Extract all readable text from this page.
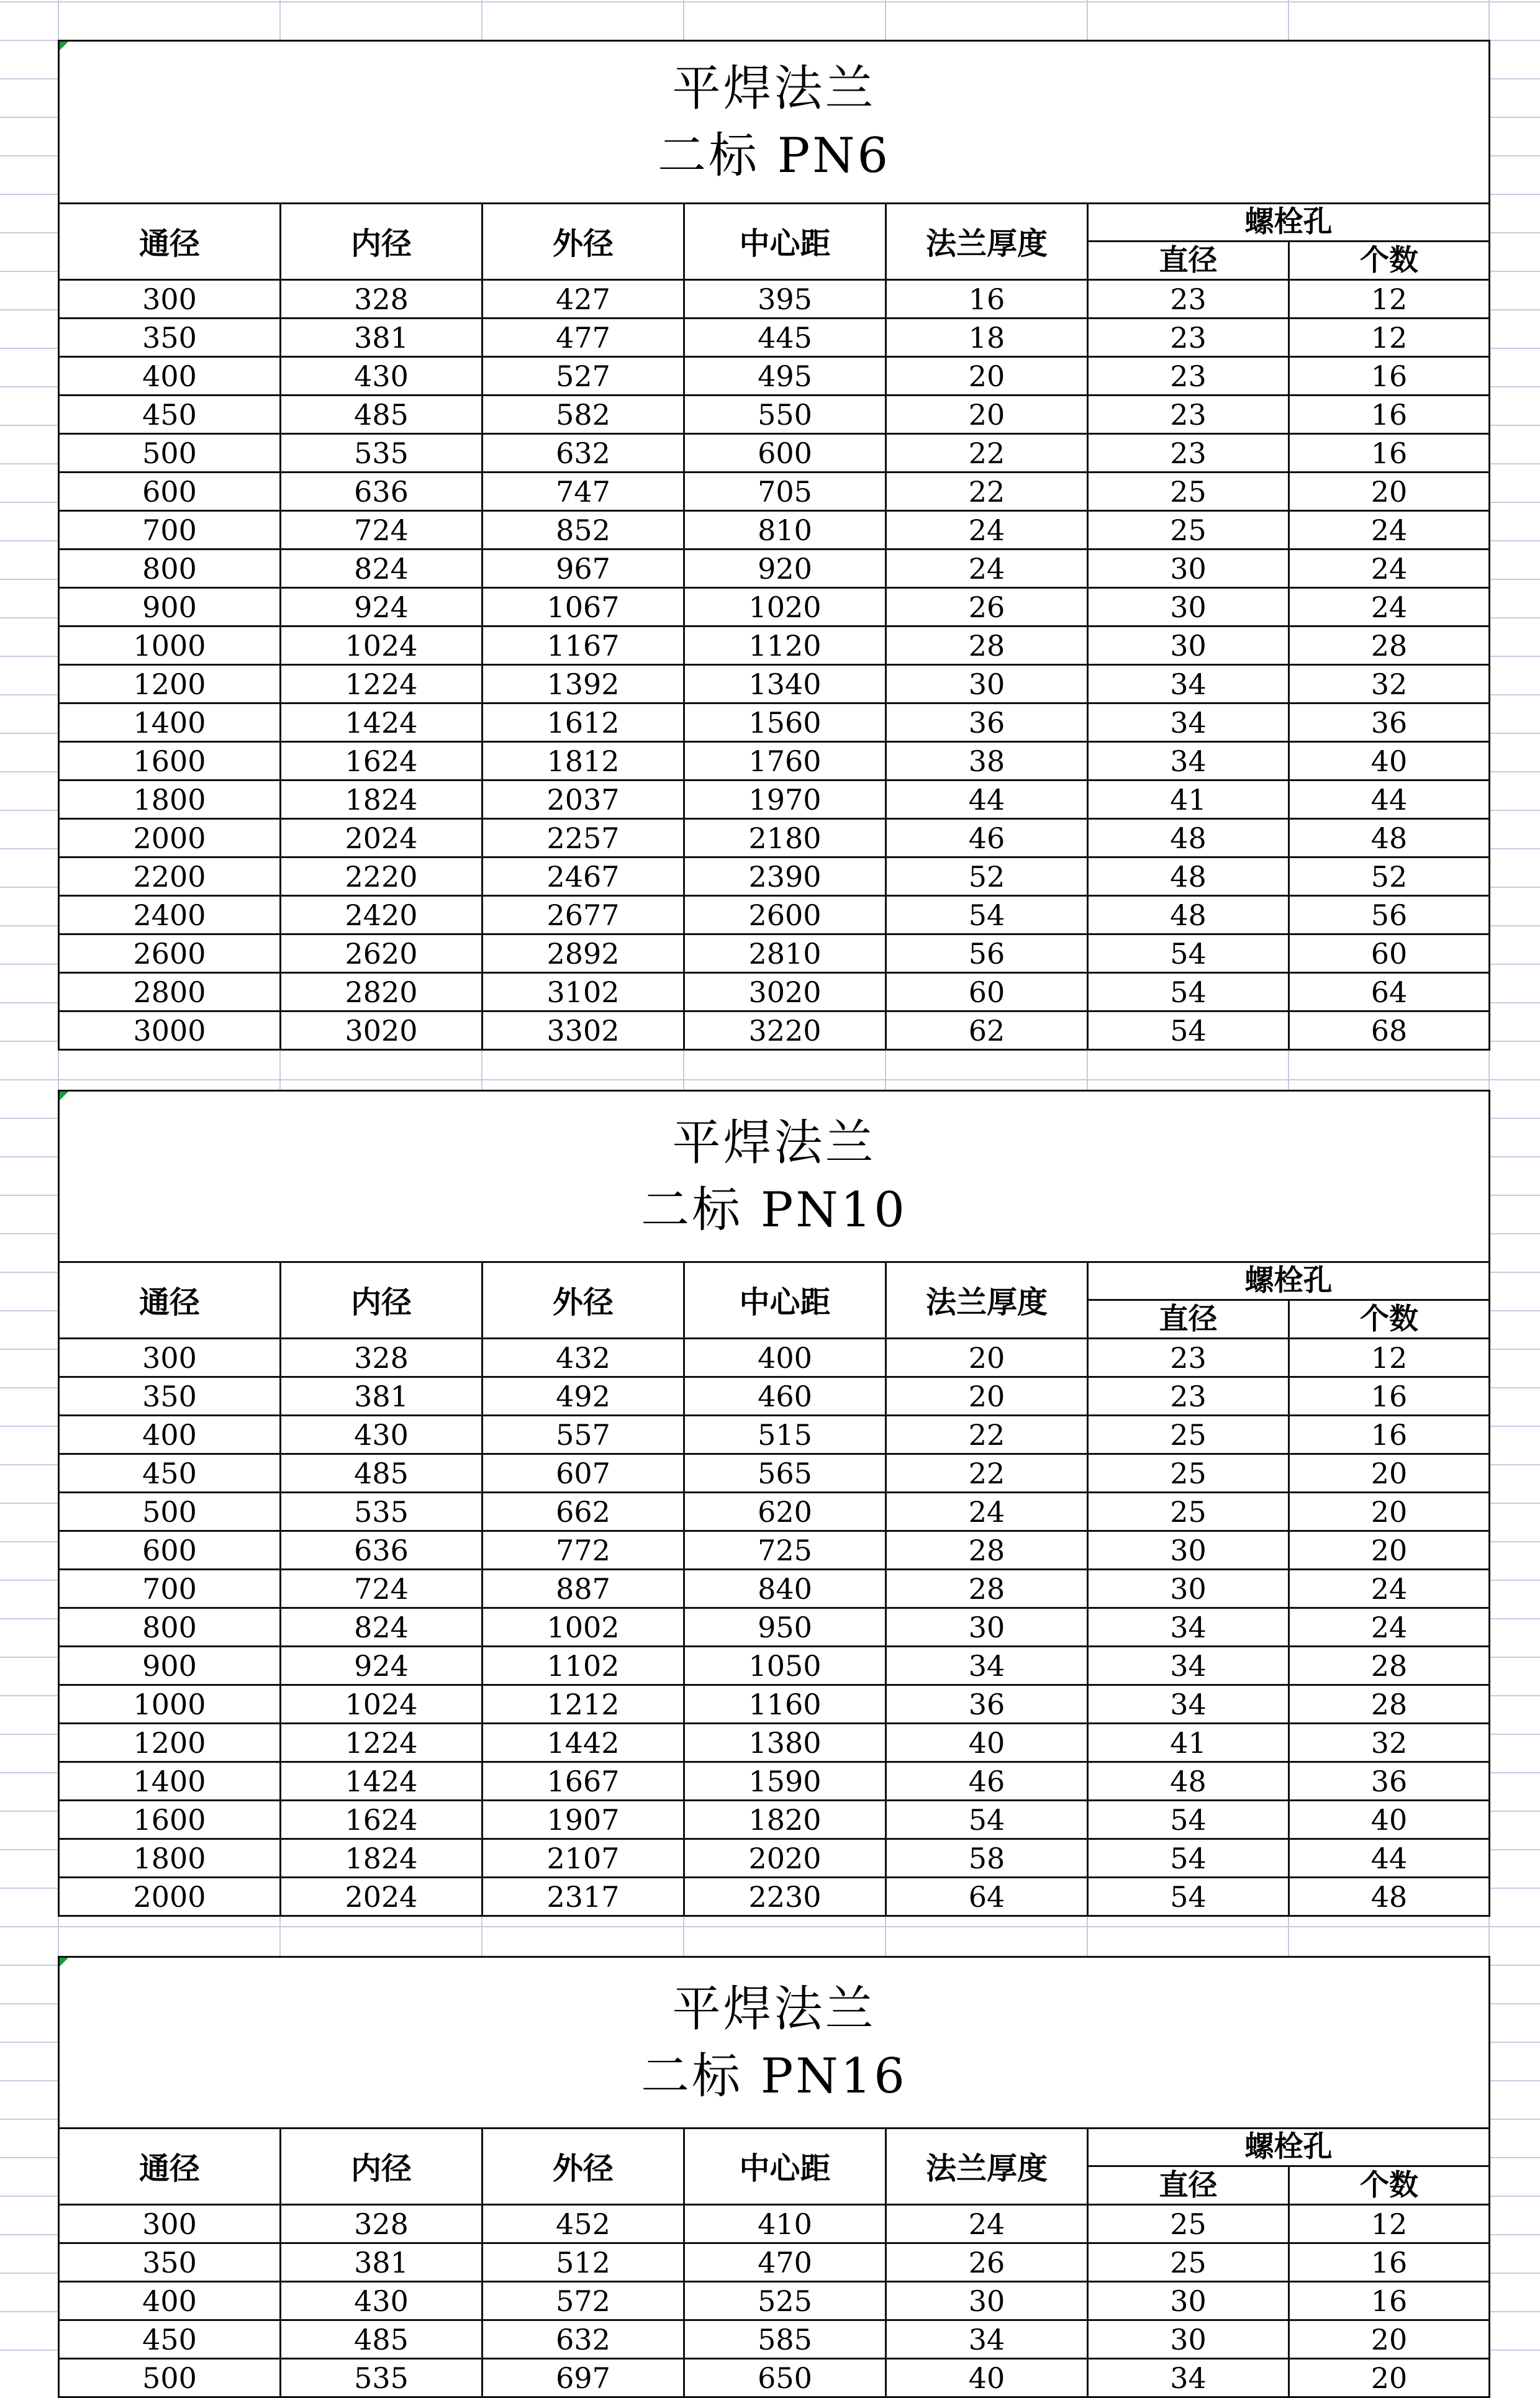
平焊法兰
二标 PN6						

通径	内径	外径	中心距	法兰厚度	螺栓孔	
					直径	个数
300	328	427	395	16	23	12
350	381	477	445	18	23	12
400	430	527	495	20	23	16
450	485	582	550	20	23	16
500	535	632	600	22	23	16
600	636	747	705	22	25	20
700	724	852	810	24	25	24
800	824	967	920	24	30	24
900	924	1067	1020	26	30	24
1000	1024	1167	1120	28	30	28
1200	1224	1392	1340	30	34	32
1400	1424	1612	1560	36	34	36
1600	1624	1812	1760	38	34	40
1800	1824	2037	1970	44	41	44
2000	2024	2257	2180	46	48	48
2200	2220	2467	2390	52	48	52
2400	2420	2677	2600	54	48	56
2600	2620	2892	2810	56	54	60
2800	2820	3102	3020	60	54	64
3000	3020	3302	3220	62	54	68
平焊法兰
二标 PN10						

通径	内径	外径	中心距	法兰厚度	螺栓孔	
					直径	个数
300	328	432	400	20	23	12
350	381	492	460	20	23	16
400	430	557	515	22	25	16
450	485	607	565	22	25	20
500	535	662	620	24	25	20
600	636	772	725	28	30	20
700	724	887	840	28	30	24
800	824	1002	950	30	34	24
900	924	1102	1050	34	34	28
1000	1024	1212	1160	36	34	28
1200	1224	1442	1380	40	41	32
1400	1424	1667	1590	46	48	36
1600	1624	1907	1820	54	54	40
1800	1824	2107	2020	58	54	44
2000	2024	2317	2230	64	54	48
平焊法兰
二标 PN16						

通径	内径	外径	中心距	法兰厚度	螺栓孔	
					直径	个数
300	328	452	410	24	25	12
350	381	512	470	26	25	16
400	430	572	525	30	30	16
450	485	632	585	34	30	20
500	535	697	650	40	34	20
